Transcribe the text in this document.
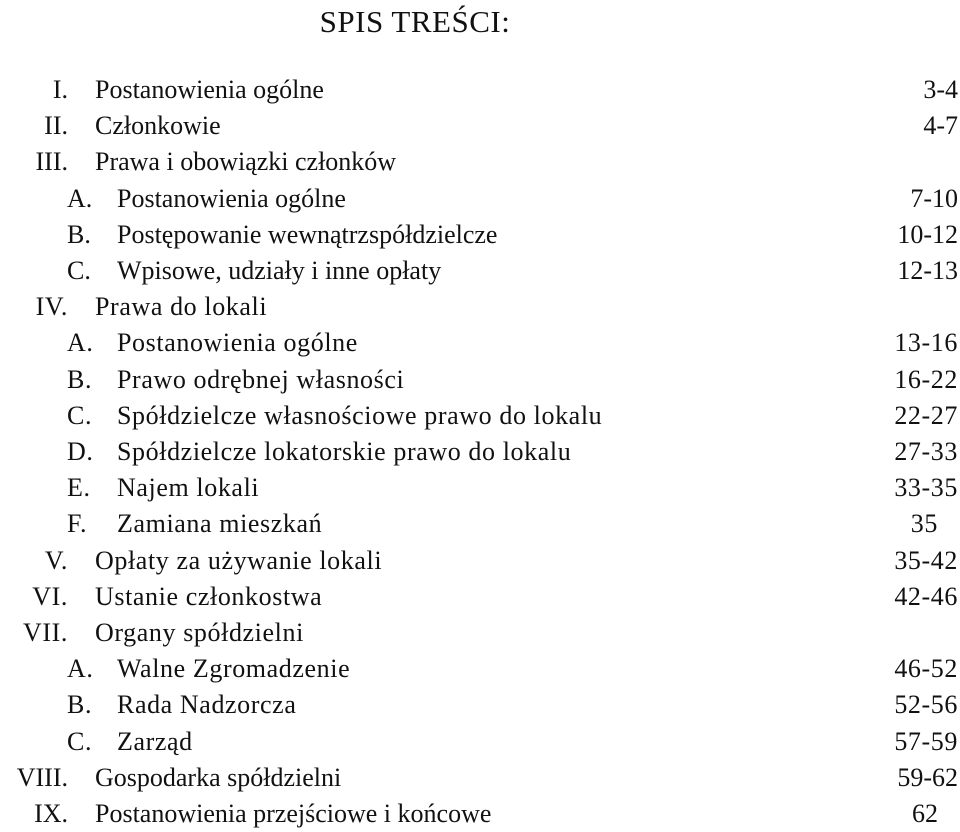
SPIS TREŚCI:
I. Postanowienia ogólne	3-4
II. Członkowie	4-7
III. Prawa i obowiązki członków
A. Postanowienia ogólne	7-10
B. Postępowanie wewnątrzspółdzielcze	10-12
C. Wpisowe, udziały i inne opłaty	12-13
IV. Prawa do lokali
A. Postanowienia ogólne	13-16
B. Prawo odrębnej własności	16-22
C. Spółdzielcze własnościowe prawo do lokalu	22-27
D. Spółdzielcze lokatorskie prawo do lokalu	27-33
E. Najem lokali	33-35
F. Zamiana mieszkań	35
V. Opłaty za używanie lokali	35-42
VI. Ustanie członkostwa	42-46
VII. Organy spółdzielni
A. Walne Zgromadzenie	46-52
B. Rada Nadzorcza	52-56
C. Zarząd	57-59
VIII. Gospodarka spółdzielni	59-62
IX. Postanowienia przejściowe i końcowe	62
